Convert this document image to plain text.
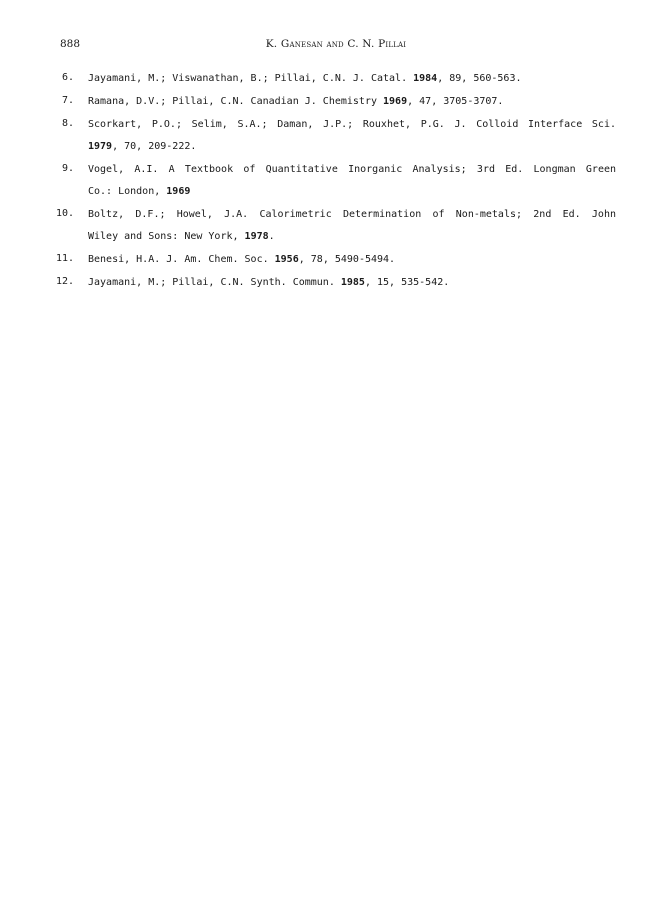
888	K. Ganesan and C. N. Pillai
6. Jayamani, M.; Viswanathan, B.; Pillai, C.N. J. Catal. 1984, 89, 560-563.
7. Ramana, D.V.; Pillai, C.N. Canadian J. Chemistry 1969, 47, 3705-3707.
8. Scorkart, P.O.; Selim, S.A.; Daman, J.P.; Rouxhet, P.G. J. Colloid Interface Sci.
1979, 70, 209-222.
9. Vogel, A.I. A Textbook of Quantitative Inorganic Analysis; 3rd Ed. Longman Green
Co.: London, 1969
10. Boltz, D.F.; Howel, J.A. Calorimetric Determination of Non-metals; 2nd Ed. John
Wiley and Sons: New York, 1978.
11. Benesi, H.A. J. Am. Chem. Soc. 1956, 78, 5490-5494.
12. Jayamani, M.; Pillai, C.N. Synth. Commun. 1985, 15, 535-542.
